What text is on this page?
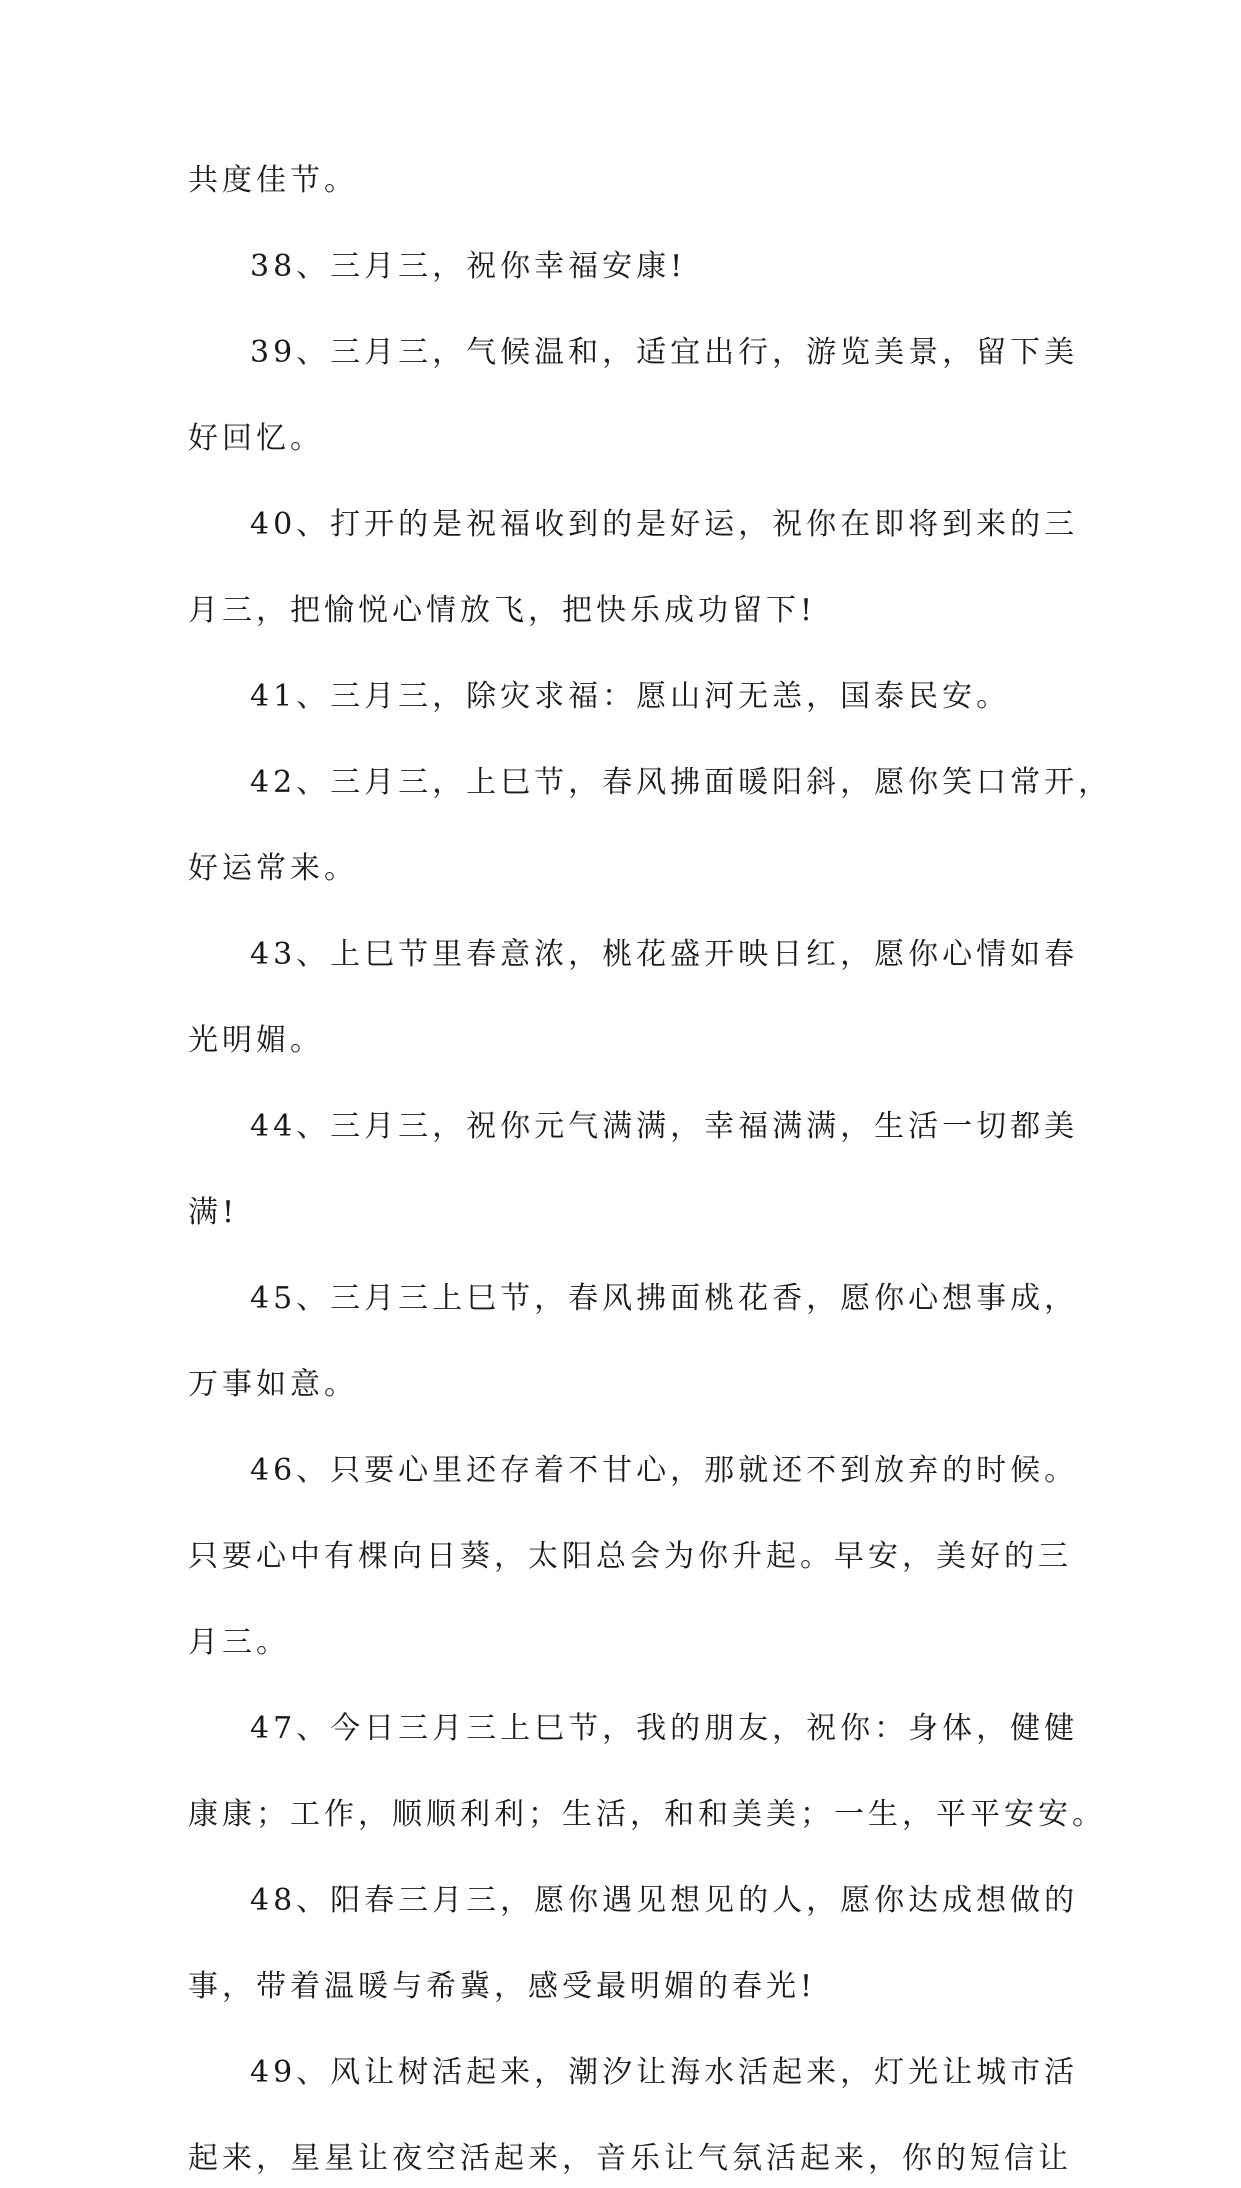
共度佳节。
38、三月三，祝你幸福安康!
39、三月三，气候温和，适宜出行，游览美景，留下美
好回忆。
40、打开的是祝福收到的是好运，祝你在即将到来的三
月三，把愉悦心情放飞，把快乐成功留下!
41、三月三，除灾求福：愿山河无恙，国泰民安。
42、三月三，上巳节，春风拂面暖阳斜，愿你笑口常开，
好运常来。
43、上巳节里春意浓，桃花盛开映日红，愿你心情如春
光明媚。
44、三月三，祝你元气满满，幸福满满，生活一切都美
满!
45、三月三上巳节，春风拂面桃花香，愿你心想事成，
万事如意。
46、只要心里还存着不甘心，那就还不到放弃的时候。
只要心中有棵向日葵，太阳总会为你升起。早安，美好的三
月三。
47、今日三月三上巳节，我的朋友，祝你：身体，健健
康康；工作，顺顺利利；生活，和和美美；一生，平平安安。
48、阳春三月三，愿你遇见想见的人，愿你达成想做的
事，带着温暖与希冀，感受最明媚的春光!
49、风让树活起来，潮汐让海水活起来，灯光让城市活
起来，星星让夜空活起来，音乐让气氛活起来，你的短信让
